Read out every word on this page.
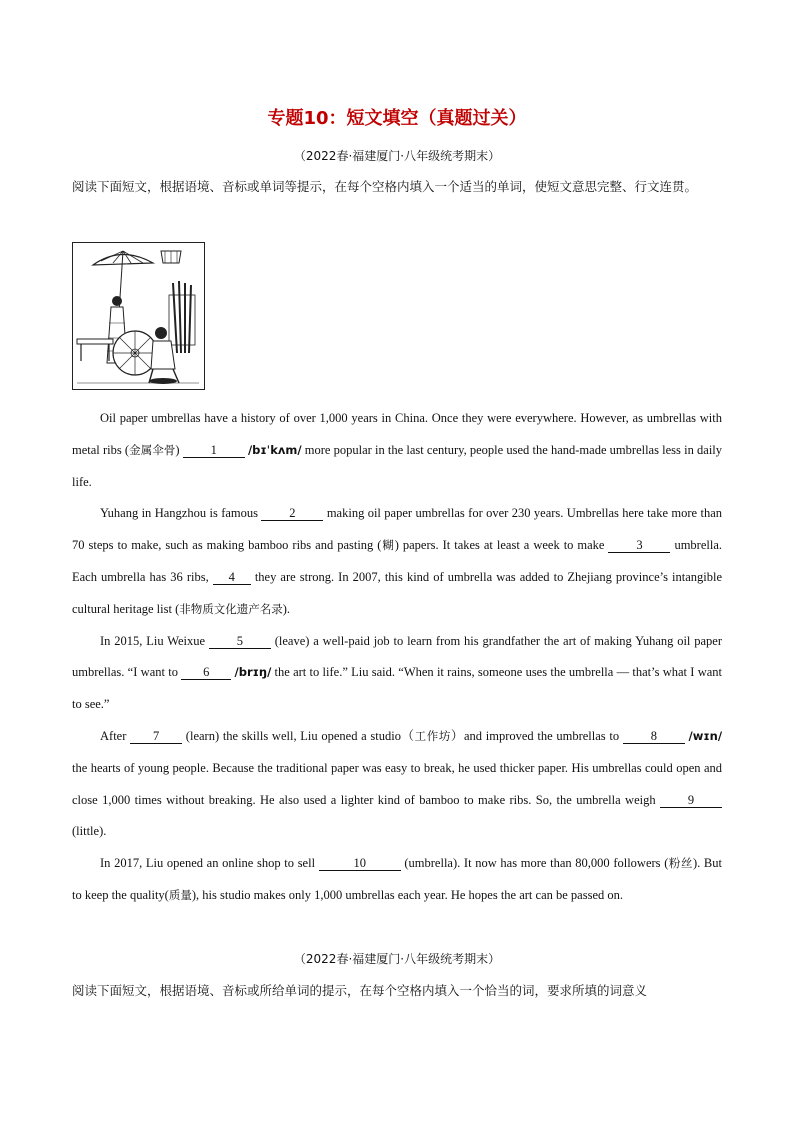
专题10：短文填空（真题过关）
（2022春·福建厦门·八年级统考期末）
阅读下面短文，根据语境、音标或单词等提示，在每个空格内填入一个适当的单词，使短文意思完整、行文连贯。

Oil paper umbrellas have a history of over 1,000 years in China. Once they were everywhere. However, as umbrellas with metal ribs (金属伞骨) 1	/bɪˈkʌm/ more popular in the last century, people used the hand-made umbrellas less in daily life.

Yuhang in Hangzhou is famous 2 making oil paper umbrellas for over 230 years. Umbrellas here take more than 70 steps to make, such as making bamboo ribs and pasting (糊) papers. It takes at least a week to make 3 umbrella. Each umbrella has 36 ribs, 4 they are strong. In 2007, this kind of umbrella was added to Zhejiang province’s intangible cultural heritage list (非物质文化遗产名录).

In 2015, Liu Weixue 5 (leave) a well-paid job to learn from his grandfather the art of making Yuhang oil paper umbrellas. “I want to 6 /brɪŋ/ the art to life.” Liu said. “When it rains, someone uses the umbrella — that’s what I want to see.”

After 7 (learn) the skills well, Liu opened a studio（工作坊）and improved the umbrellas to 8	/wɪn/ the hearts of young people. Because the traditional paper was easy to break, he used thicker paper. His umbrellas could open and close 1,000 times without breaking. He also used a lighter kind of bamboo to make ribs. So, the umbrella weigh 9 (little).

In 2017, Liu opened an online shop to sell	10	(umbrella). It now has more than 80,000 followers (粉丝). But to keep the quality(质量), his studio makes only 1,000 umbrellas each year. He hopes the art can be passed on.

（2022春·福建厦门·八年级统考期末）
阅读下面短文，根据语境、音标或所给单词的提示，在每个空格内填入一个恰当的词，要求所填的词意义
